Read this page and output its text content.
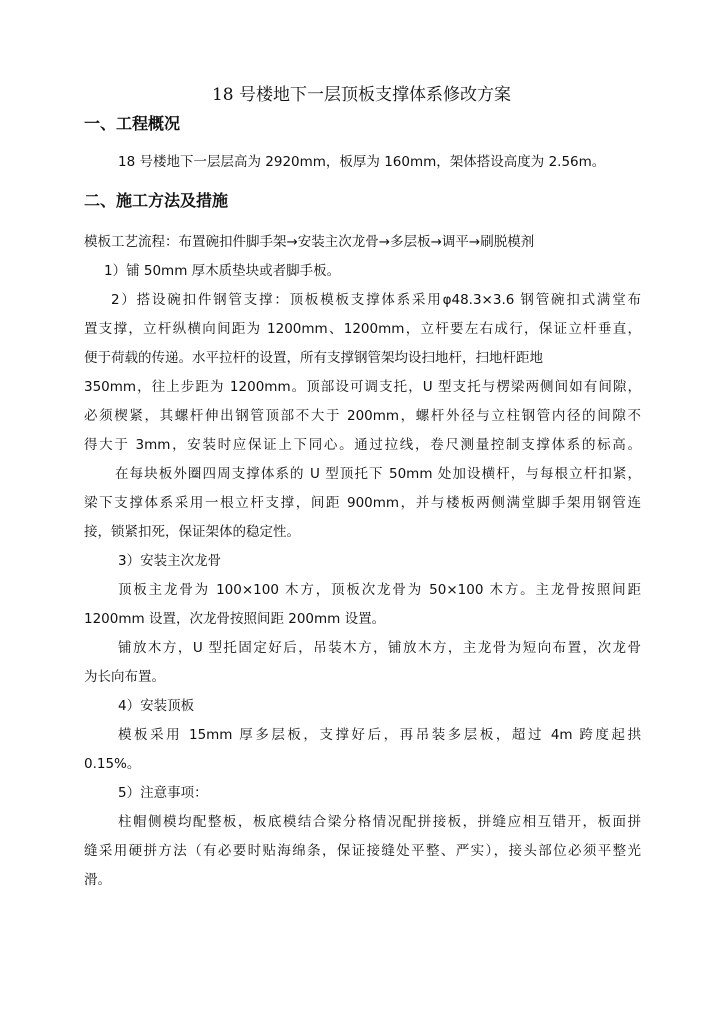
18 号楼地下一层顶板支撑体系修改方案
一、工程概况
18 号楼地下一层层高为 2920mm，板厚为 160mm，架体搭设高度为 2.56m。
二、施工方法及措施
模板工艺流程：布置碗扣件脚手架→安装主次龙骨→多层板→调平→刷脱模剂
1）铺 50mm 厚木质垫块或者脚手板。
2）搭设碗扣件钢管支撑：顶板模板支撑体系采用φ48.3×3.6 钢管碗扣式满堂布
置支撑，立杆纵横向间距为 1200mm、1200mm，立杆要左右成行，保证立杆垂直，
便于荷载的传递。水平拉杆的设置，所有支撑钢管架均设扫地杆，扫地杆距地
350mm，往上步距为 1200mm。顶部设可调支托，U 型支托与楞梁两侧间如有间隙，
必须楔紧，其螺杆伸出钢管顶部不大于 200mm，螺杆外径与立柱钢管内径的间隙不
得大于 3mm，安装时应保证上下同心。通过拉线，卷尺测量控制支撑体系的标高。
在每块板外圈四周支撑体系的 U 型顶托下 50mm 处加设横杆，与每根立杆扣紧，
梁下支撑体系采用一根立杆支撑，间距 900mm，并与楼板两侧满堂脚手架用钢管连
接，锁紧扣死，保证架体的稳定性。
3）安装主次龙骨
顶板主龙骨为 100×100 木方，顶板次龙骨为 50×100 木方。主龙骨按照间距
1200mm 设置，次龙骨按照间距 200mm 设置。
铺放木方，U 型托固定好后，吊装木方，铺放木方，主龙骨为短向布置，次龙骨
为长向布置。
4）安装顶板
模板采用 15mm 厚多层板，支撑好后，再吊装多层板，超过 4m 跨度起拱
0.15%。
5）注意事项：
柱帽侧模均配整板，板底模结合梁分格情况配拼接板，拼缝应相互错开，板面拼
缝采用硬拼方法（有必要时贴海绵条，保证接缝处平整、严实），接头部位必须平整光
滑。
